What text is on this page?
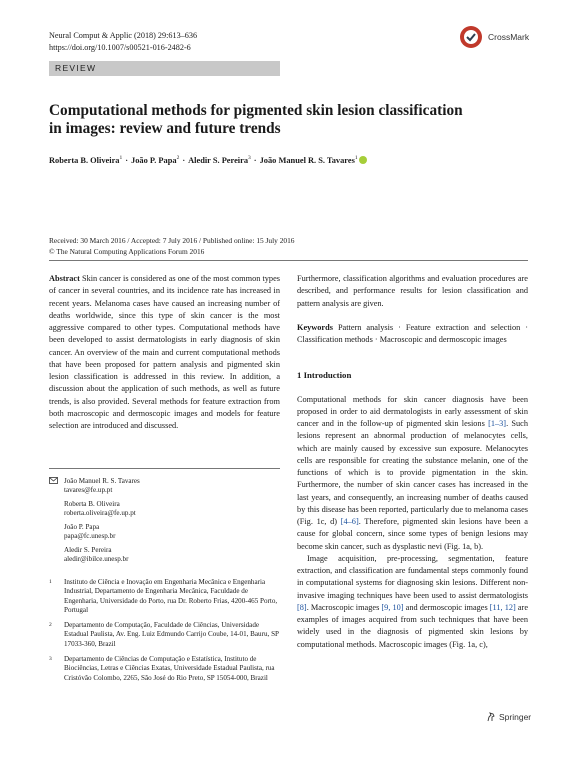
Neural Comput & Applic (2018) 29:613–636
https://doi.org/10.1007/s00521-016-2482-6
CrossMark
REVIEW
Computational methods for pigmented skin lesion classification
in images: review and future trends
Roberta B. Oliveira$^1$ · João P. Papa$^2$ · Aledir S. Pereira$^3$ · João Manuel R. S. Tavares$^1$
Received: 30 March 2016 / Accepted: 7 July 2016 / Published online: 15 July 2016
© The Natural Computing Applications Forum 2016

Abstract Skin cancer is considered as one of the most common types of cancer in several countries, and its incidence rate has increased in recent years. Melanoma cases have caused an increasing number of deaths worldwide, since this type of skin cancer is the most aggressive compared to other types. Computational methods have been developed to assist dermatologists in early diagnosis of skin cancer. An overview of the main and current computational methods that have been proposed for pattern analysis and pigmented skin lesion classification is addressed in this review. In addition, a discussion about the application of such methods, as well as future trends, is also provided. Several methods for feature extraction from both macroscopic and dermoscopic images and models for feature selection are introduced and discussed.

João Manuel R. S. Tavares
tavares@fe.up.pt
Roberta B. Oliveira
roberta.oliveira@fe.up.pt
João P. Papa
papa@fc.unesp.br
Aledir S. Pereira
aledir@ibilce.unesp.br
1	Instituto de Ciência e Inovação em Engenharia Mecânica e Engenharia Industrial, Departamento de Engenharia Mecânica, Faculdade de Engenharia, Universidade do Porto, rua Dr. Roberto Frias, 4200-465 Porto, Portugal
2	Departamento de Computação, Faculdade de Ciências, Universidade Estadual Paulista, Av. Eng. Luiz Edmundo Carrijo Coube, 14-01, Bauru, SP 17033-360, Brazil
3	Departamento de Ciências de Computação e Estatística, Instituto de Biociências, Letras e Ciências Exatas, Universidade Estadual Paulista, rua Cristóvão Colombo, 2265, São José do Rio Preto, SP 15054-000, Brazil

Furthermore, classification algorithms and evaluation procedures are described, and performance results for lesion classification and pattern analysis are given.

Keywords Pattern analysis · Feature extraction and selection · Classification methods · Macroscopic and dermoscopic images

1 Introduction

Computational methods for skin cancer diagnosis have been proposed in order to aid dermatologists in early assessment of skin cancer and in the follow-up of pigmented skin lesions [1–3]. Such lesions represent an abnormal production of melanocytes cells, which are mainly caused by excessive sun exposure. Melanocytes cells are responsible for creating the substance melanin, one of the functions of which is to provide pigmentation in the skin. Furthermore, the number of skin cancer cases has increased in the last years, and consequently, an increasing number of deaths caused by this disease has been reported, particularly due to melanoma cases (Fig. 1c, d) [4–6]. Therefore, pigmented skin lesions have been a cause for global concern, since some types of benign lesions may become skin cancer, such as dysplastic nevi (Fig. 1a, b).

Image acquisition, pre-processing, segmentation, feature extraction, and classification are fundamental steps commonly found in computational systems for diagnosing skin lesions. Different non-invasive imaging techniques have been used to assist dermatologists [8]. Macroscopic images [9, 10] and dermoscopic images [11, 12] are examples of images acquired from such techniques that have been widely used in the diagnosis of pigmented skin lesions by computational methods. Macroscopic images (Fig. 1a, c),

Springer
